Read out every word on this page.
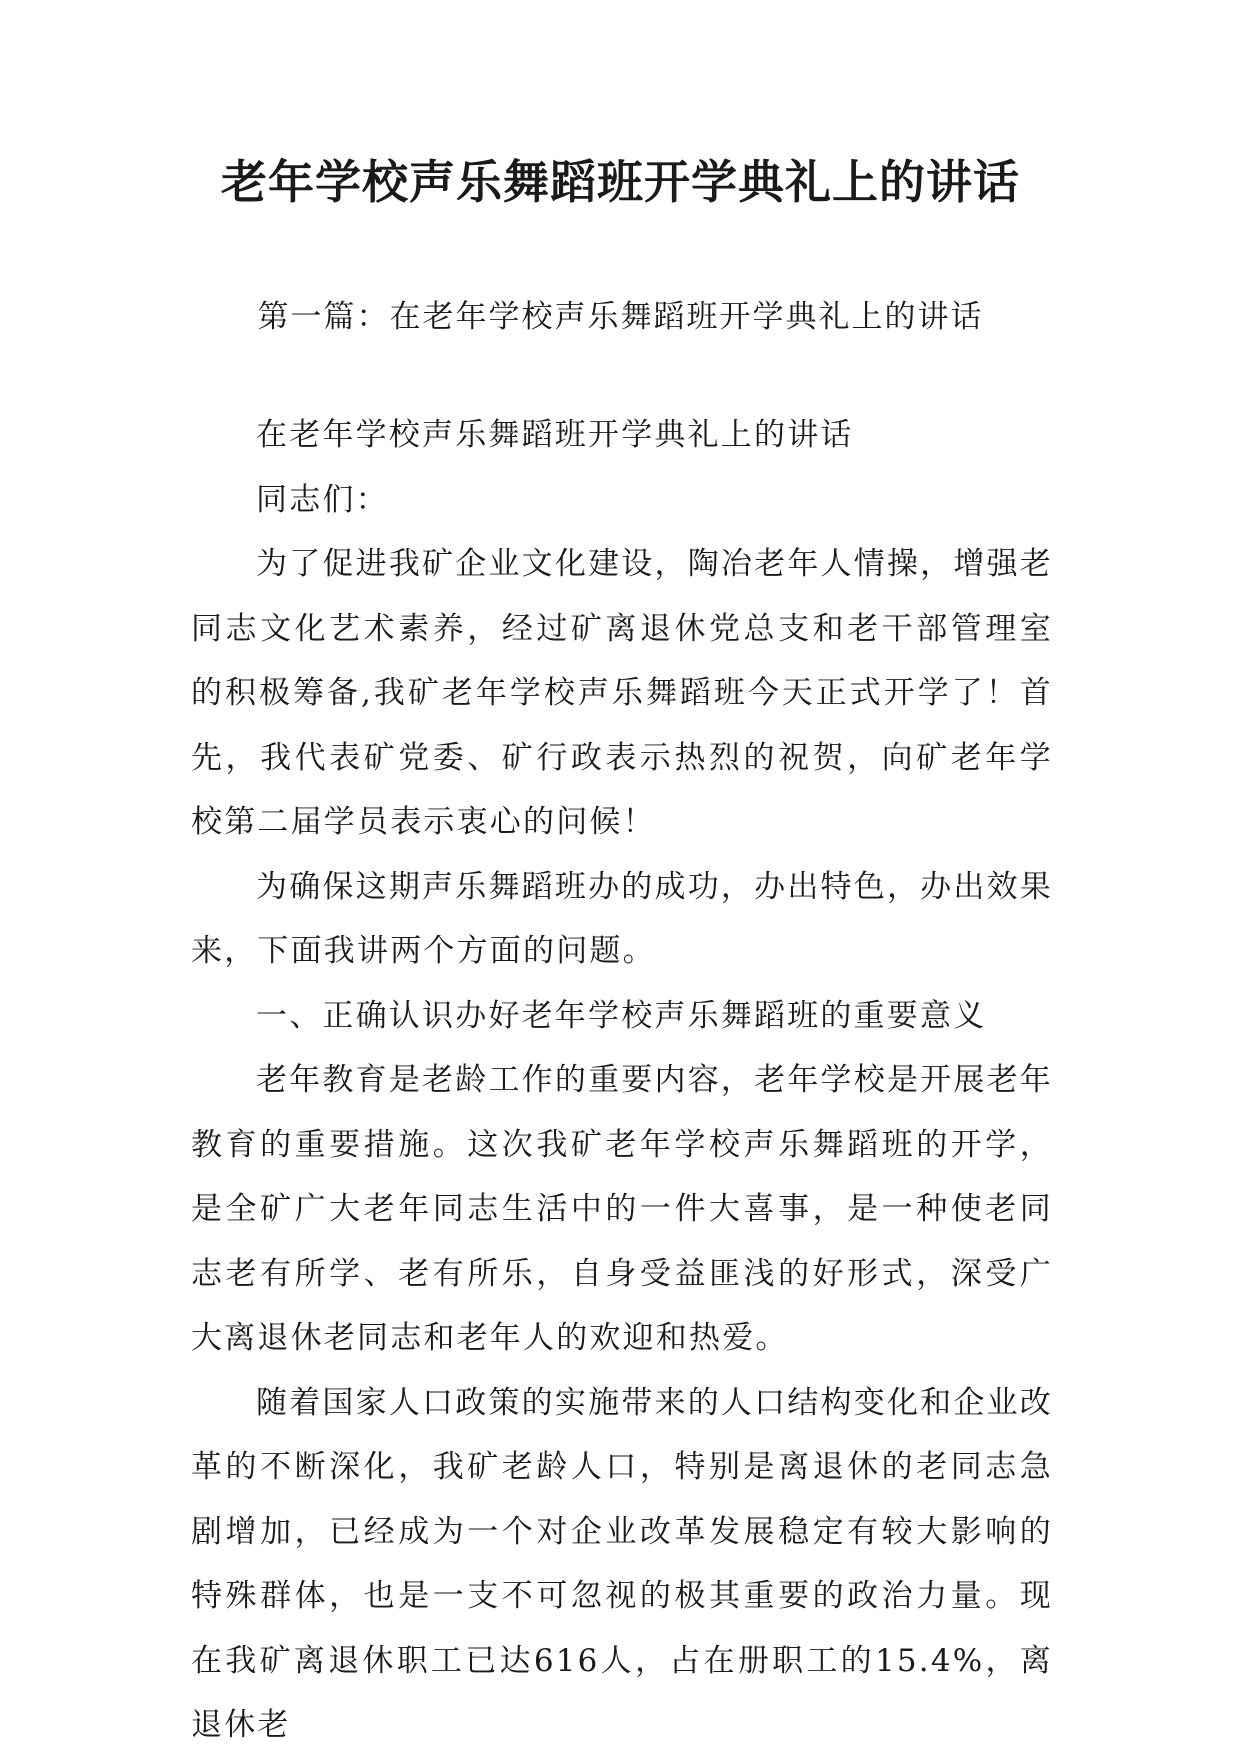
老年学校声乐舞蹈班开学典礼上的讲话
第一篇：在老年学校声乐舞蹈班开学典礼上的讲话

在老年学校声乐舞蹈班开学典礼上的讲话

同志们：

为了促进我矿企业文化建设，陶冶老年人情操，增强老同志文化艺术素养，经过矿离退休党总支和老干部管理室的积极筹备,我矿老年学校声乐舞蹈班今天正式开学了！首先，我代表矿党委、矿行政表示热烈的祝贺，向矿老年学校第二届学员表示衷心的问候！

为确保这期声乐舞蹈班办的成功，办出特色，办出效果来，下面我讲两个方面的问题。

一、正确认识办好老年学校声乐舞蹈班的重要意义

老年教育是老龄工作的重要内容，老年学校是开展老年教育的重要措施。这次我矿老年学校声乐舞蹈班的开学，是全矿广大老年同志生活中的一件大喜事，是一种使老同志老有所学、老有所乐，自身受益匪浅的好形式，深受广大离退休老同志和老年人的欢迎和热爱。

随着国家人口政策的实施带来的人口结构变化和企业改革的不断深化，我矿老龄人口，特别是离退休的老同志急剧增加，已经成为一个对企业改革发展稳定有较大影响的特殊群体，也是一支不可忽视的极其重要的政治力量。现在我矿离退休职工已达616人，占在册职工的15.4%，离退休老
